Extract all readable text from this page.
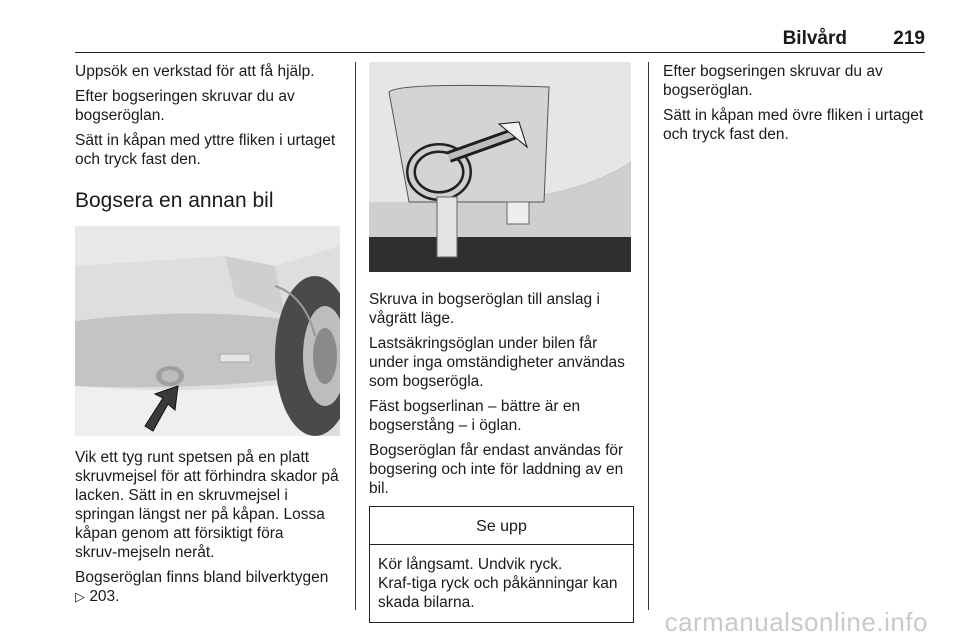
Bilvård 219

Uppsök en verkstad för att få hjälp.

Efter bogseringen skruvar du av bogseröglan.

Sätt in kåpan med yttre fliken i urtaget och tryck fast den.

Bogsera en annan bil

Vik ett tyg runt spetsen på en platt skruvmejsel för att förhindra skador på lacken. Sätt in en skruvmejsel i springan längst ner på kåpan. Lossa kåpan genom att försiktigt föra skruv‑mejseln neråt.

Bogseröglan finns bland bilverktygen
▷ 203.

Skruva in bogseröglan till anslag i vågrätt läge.

Lastsäkringsöglan under bilen får under inga omständigheter användas som bogserögla.

Fäst bogserlinan – bättre är en bogserstång – i öglan.

Bogseröglan får endast användas för bogsering och inte för laddning av en bil.

Se upp
Kör långsamt. Undvik ryck. Kraf‑tiga ryck och påkänningar kan skada bilarna.

Efter bogseringen skruvar du av bogseröglan.

Sätt in kåpan med övre fliken i urtaget och tryck fast den.

carmanualsonline.info
